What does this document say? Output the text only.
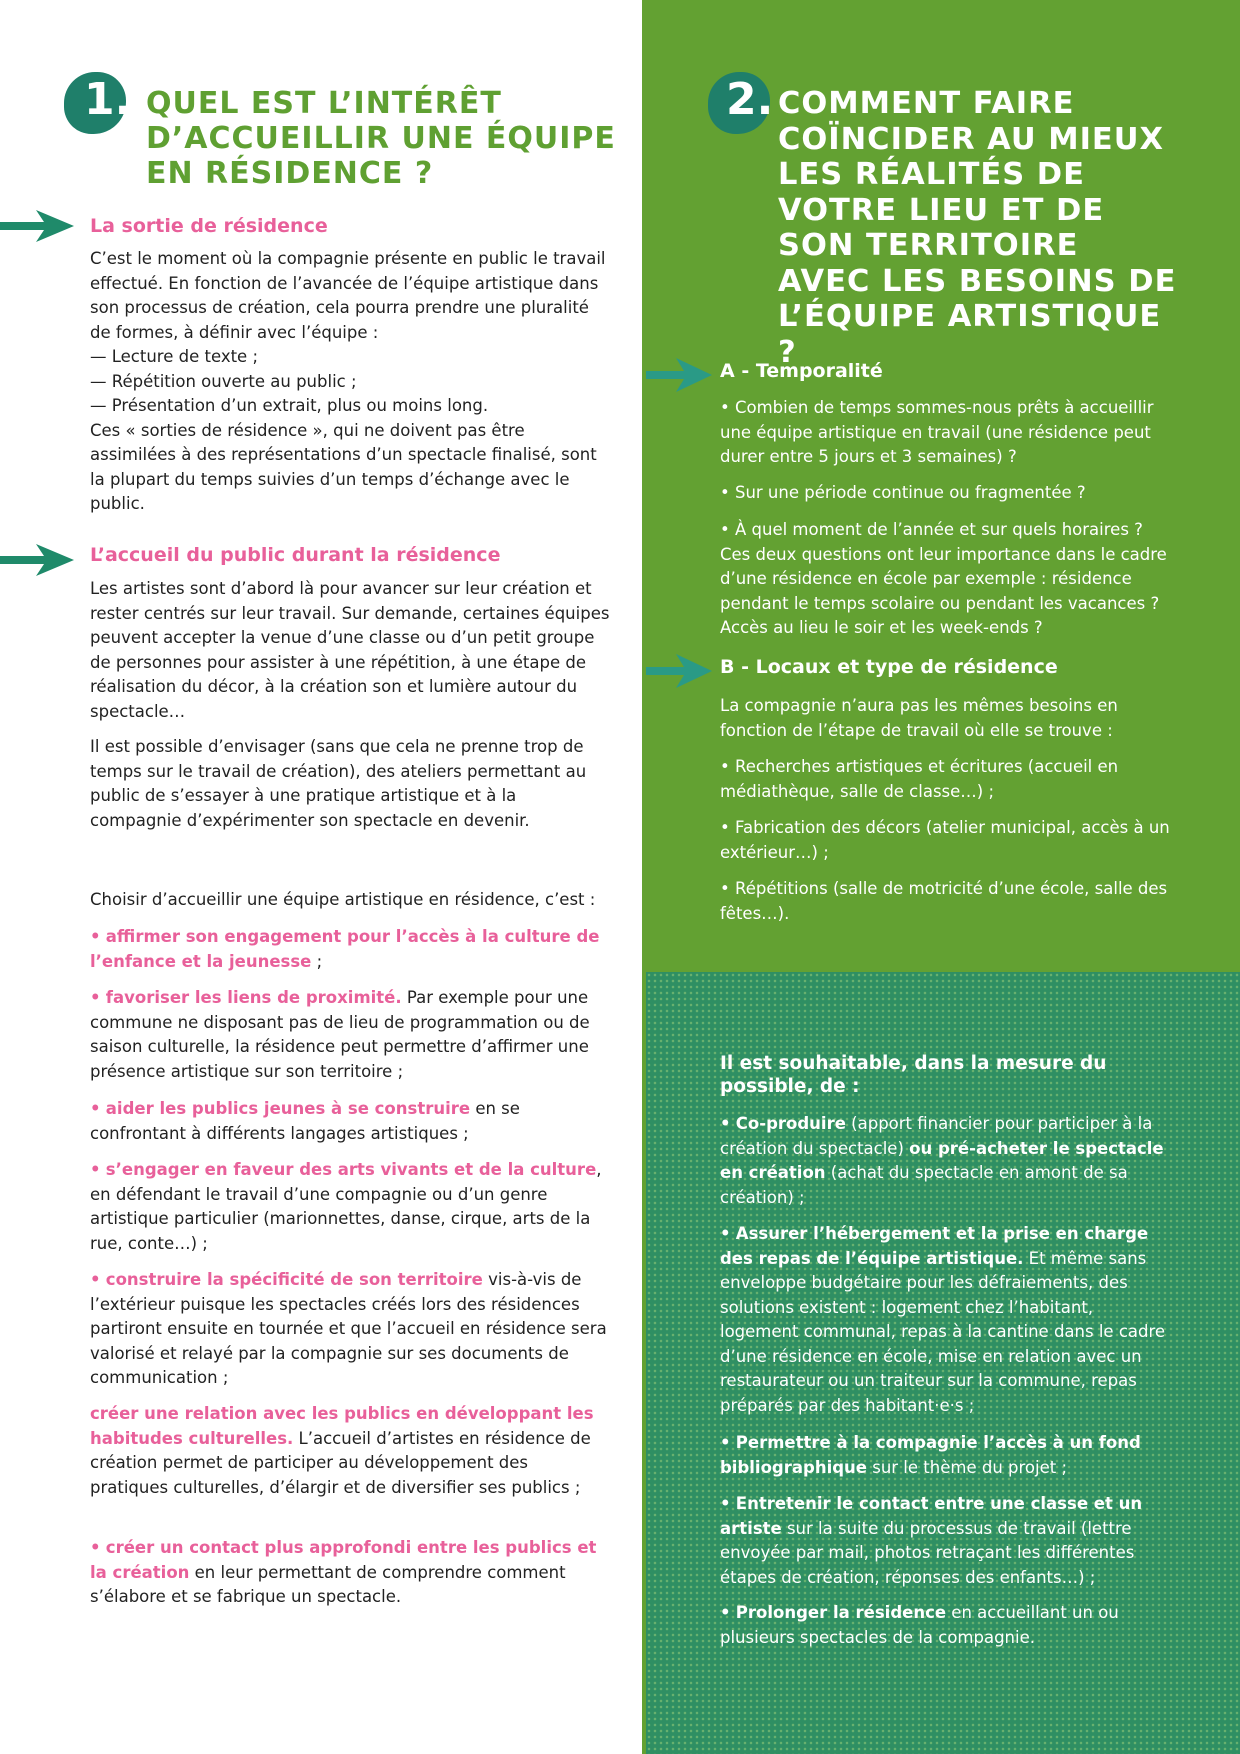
1. QUEL EST L’INTÉRÊT D’ACCUEILLIR UNE ÉQUIPE EN RÉSIDENCE ?
La sortie de résidence

C’est le moment où la compagnie présente en public le travail effectué. En fonction de l’avancée de l’équipe artistique dans son processus de création, cela pourra prendre une pluralité de formes, à définir avec l’équipe :

— Lecture de texte ;

— Répétition ouverte au public ;

— Présentation d’un extrait, plus ou moins long.

Ces « sorties de résidence », qui ne doivent pas être assimilées à des représentations d’un spectacle finalisé, sont la plupart du temps suivies d’un temps d’échange avec le public.

L’accueil du public durant la résidence
Les artistes sont d’abord là pour avancer sur leur création et rester centrés sur leur travail. Sur demande, certaines équipes peuvent accepter la venue d’une classe ou d’un petit groupe de personnes pour assister à une répétition, à une étape de réalisation du décor, à la création son et lumière autour du spectacle…
Il est possible d’envisager (sans que cela ne prenne trop de temps sur le travail de création), des ateliers permettant au public de s’essayer à une pratique artistique et à la compagnie d’expérimenter son spectacle en devenir.
Choisir d’accueillir une équipe artistique en résidence, c’est :
• affirmer son engagement pour l’accès à la culture de l’enfance et la jeunesse ;
• favoriser les liens de proximité. Par exemple pour une commune ne disposant pas de lieu de programmation ou de saison culturelle, la résidence peut permettre d’affirmer une présence artistique sur son territoire ;
• aider les publics jeunes à se construire en se confrontant à différents langages artistiques ;
• s’engager en faveur des arts vivants et de la culture, en défendant le travail d’une compagnie ou d’un genre artistique particulier (marionnettes, danse, cirque, arts de la rue, conte…) ;
• construire la spécificité de son territoire vis-à-vis de l’extérieur puisque les spectacles créés lors des résidences partiront ensuite en tournée et que l’accueil en résidence sera valorisé et relayé par la compagnie sur ses documents de communication ;
créer une relation avec les publics en développant les habitudes culturelles. L’accueil d’artistes en résidence de création permet de participer au développement des pratiques culturelles, d’élargir et de diversifier ses publics ;
• créer un contact plus approfondi entre les publics et la création en leur permettant de comprendre comment s’élabore et se fabrique un spectacle.
2. COMMENT FAIRE COÏNCIDER AU MIEUX LES RÉALITÉS DE VOTRE LIEU ET DE SON TERRITOIRE AVEC LES BESOINS DE L’ÉQUIPE ARTISTIQUE ?
A - Temporalité
• Combien de temps sommes-nous prêts à accueillir une équipe artistique en travail (une résidence peut durer entre 5 jours et 3 semaines) ?
• Sur une période continue ou fragmentée ?
• À quel moment de l’année et sur quels horaires ? Ces deux questions ont leur importance dans le cadre d’une résidence en école par exemple : résidence pendant le temps scolaire ou pendant les vacances ? Accès au lieu le soir et les week-ends ?
B - Locaux et type de résidence
La compagnie n’aura pas les mêmes besoins en fonction de l’étape de travail où elle se trouve :
• Recherches artistiques et écritures (accueil en médiathèque, salle de classe…) ;
• Fabrication des décors (atelier municipal, accès à un extérieur…) ;
• Répétitions (salle de motricité d’une école, salle des fêtes…).
Il est souhaitable, dans la mesure du possible, de :
• Co-produire (apport financier pour participer à la création du spectacle) ou pré-acheter le spectacle en création (achat du spectacle en amont de sa création) ;
• Assurer l’hébergement et la prise en charge des repas de l’équipe artistique. Et même sans enveloppe budgétaire pour les défraiements, des solutions existent : logement chez l’habitant, logement communal, repas à la cantine dans le cadre d’une résidence en école, mise en relation avec un restaurateur ou un traiteur sur la commune, repas préparés par des habitant·e·s ;
• Permettre à la compagnie l’accès à un fond bibliographique sur le thème du projet ;
• Entretenir le contact entre une classe et un artiste sur la suite du processus de travail (lettre envoyée par mail, photos retraçant les différentes étapes de création, réponses des enfants…) ;
• Prolonger la résidence en accueillant un ou plusieurs spectacles de la compagnie.
